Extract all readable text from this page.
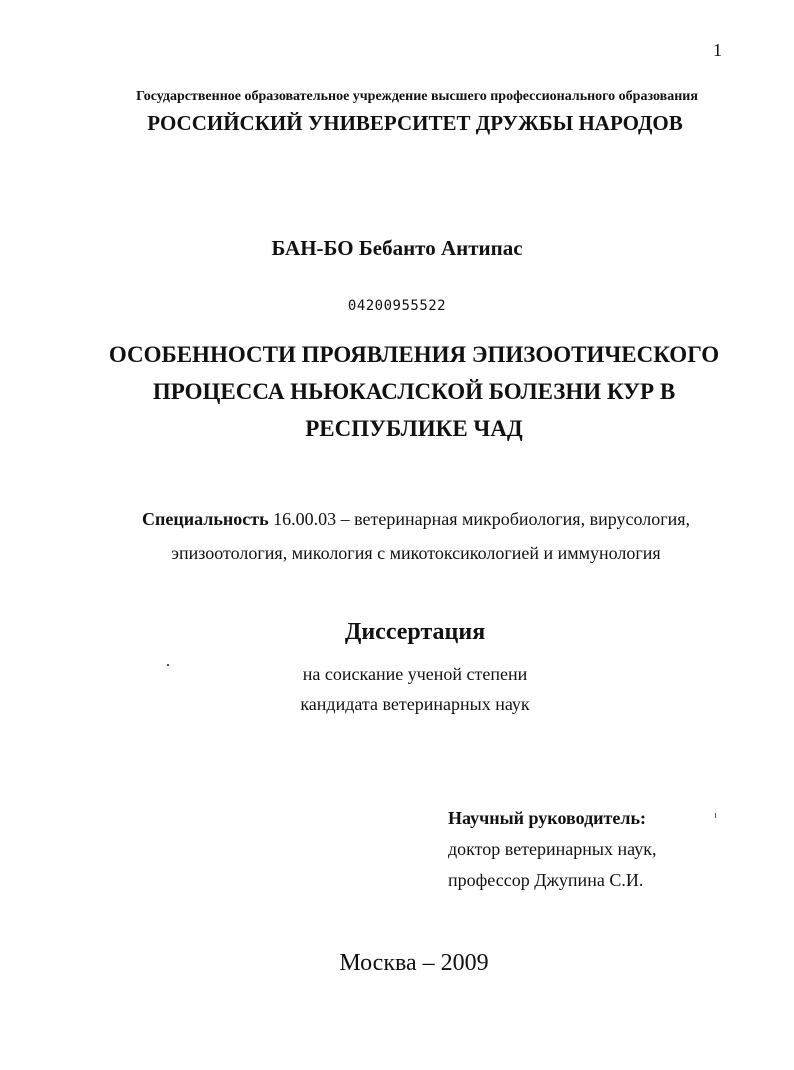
1
Государственное образовательное учреждение высшего профессионального образования
РОССИЙСКИЙ УНИВЕРСИТЕТ ДРУЖБЫ НАРОДОВ
БАН-БО Бебанто Антипас
04200955522
ОСОБЕННОСТИ ПРОЯВЛЕНИЯ ЭПИЗООТИЧЕСКОГО
ПРОЦЕССА НЬЮКАСЛСКОЙ БОЛЕЗНИ КУР В
РЕСПУБЛИКЕ ЧАД
Специальность 16.00.03 – ветеринарная микробиология, вирусология,
эпизоотология, микология с микотоксикологией и иммунология
Диссертация
на соискание ученой степени
кандидата ветеринарных наук
Научный руководитель:
доктор ветеринарных наук,
профессор Джупина С.И.
Москва – 2009
